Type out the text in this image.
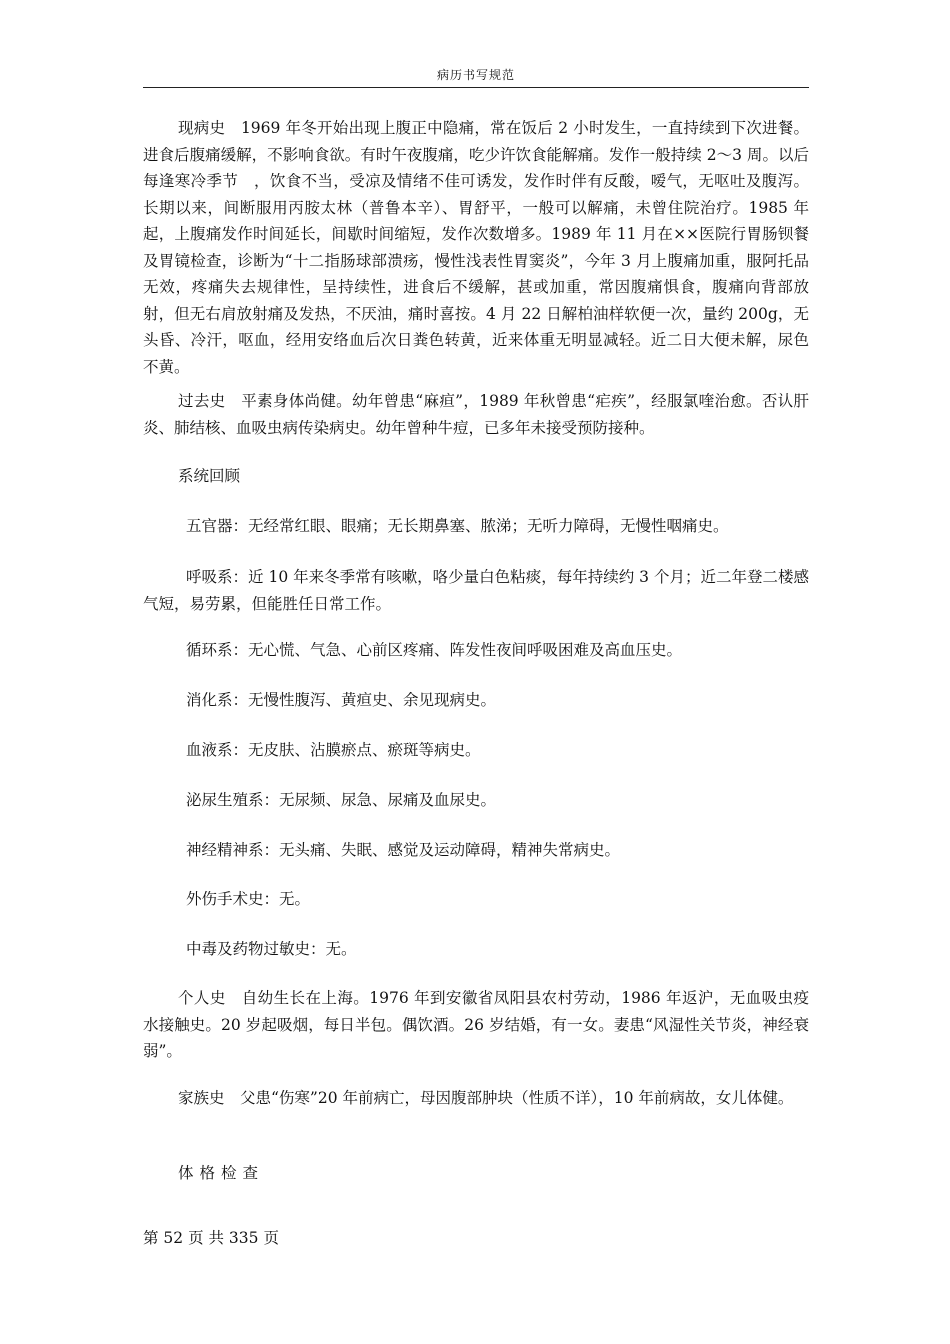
病历书写规范

现病史　1969 年冬开始出现上腹正中隐痛，常在饭后 2 小时发生，一直持续到下次进餐。进食后腹痛缓解，不影响食欲。有时午夜腹痛，吃少许饮食能解痛。发作一般持续 2～3 周。以后每逢寒冷季节　，饮食不当，受凉及情绪不佳可诱发，发作时伴有反酸，嗳气，无呕吐及腹泻。长期以来，间断服用丙胺太林（普鲁本辛）、胃舒平，一般可以解痛，未曾住院治疗。1985 年起，上腹痛发作时间延长，间歇时间缩短，发作次数增多。1989 年 11 月在××医院行胃肠钡餐及胃镜检查，诊断为“十二指肠球部溃疡，慢性浅表性胃窦炎”，今年 3 月上腹痛加重，服阿托品无效，疼痛失去规律性，呈持续性，进食后不缓解，甚或加重，常因腹痛惧食，腹痛向背部放射，但无右肩放射痛及发热，不厌油，痛时喜按。4 月 22 日解柏油样软便一次，量约 200g，无头昏、冷汗，呕血，经用安络血后次日粪色转黄，近来体重无明显减轻。近二日大便未解，尿色不黄。

过去史　平素身体尚健。幼年曾患“麻疸”，1989 年秋曾患“疟疾”，经服氯喹治愈。否认肝炎、肺结核、血吸虫病传染病史。幼年曾种牛痘，已多年未接受预防接种。

系统回顾

五官器：无经常红眼、眼痛；无长期鼻塞、脓涕；无听力障碍，无慢性咽痛史。

呼吸系：近 10 年来冬季常有咳嗽，咯少量白色粘痰，每年持续约 3 个月；近二年登二楼感气短，易劳累，但能胜任日常工作。

循环系：无心慌、气急、心前区疼痛、阵发性夜间呼吸困难及高血压史。

消化系：无慢性腹泻、黄疸史、余见现病史。

血液系：无皮肤、沾膜瘀点、瘀斑等病史。

泌尿生殖系：无尿频、尿急、尿痛及血尿史。

神经精神系：无头痛、失眠、感觉及运动障碍，精神失常病史。

外伤手术史：无。

中毒及药物过敏史：无。

个人史　自幼生长在上海。1976 年到安徽省凤阳县农村劳动，1986 年返沪，无血吸虫疫水接触史。20 岁起吸烟，每日半包。偶饮酒。26 岁结婚，有一女。妻患“风湿性关节炎，神经衰弱”。

家族史　父患“伤寒”20 年前病亡，母因腹部肿块（性质不详），10 年前病故，女儿体健。

体格检查

第 52 页 共 335 页
